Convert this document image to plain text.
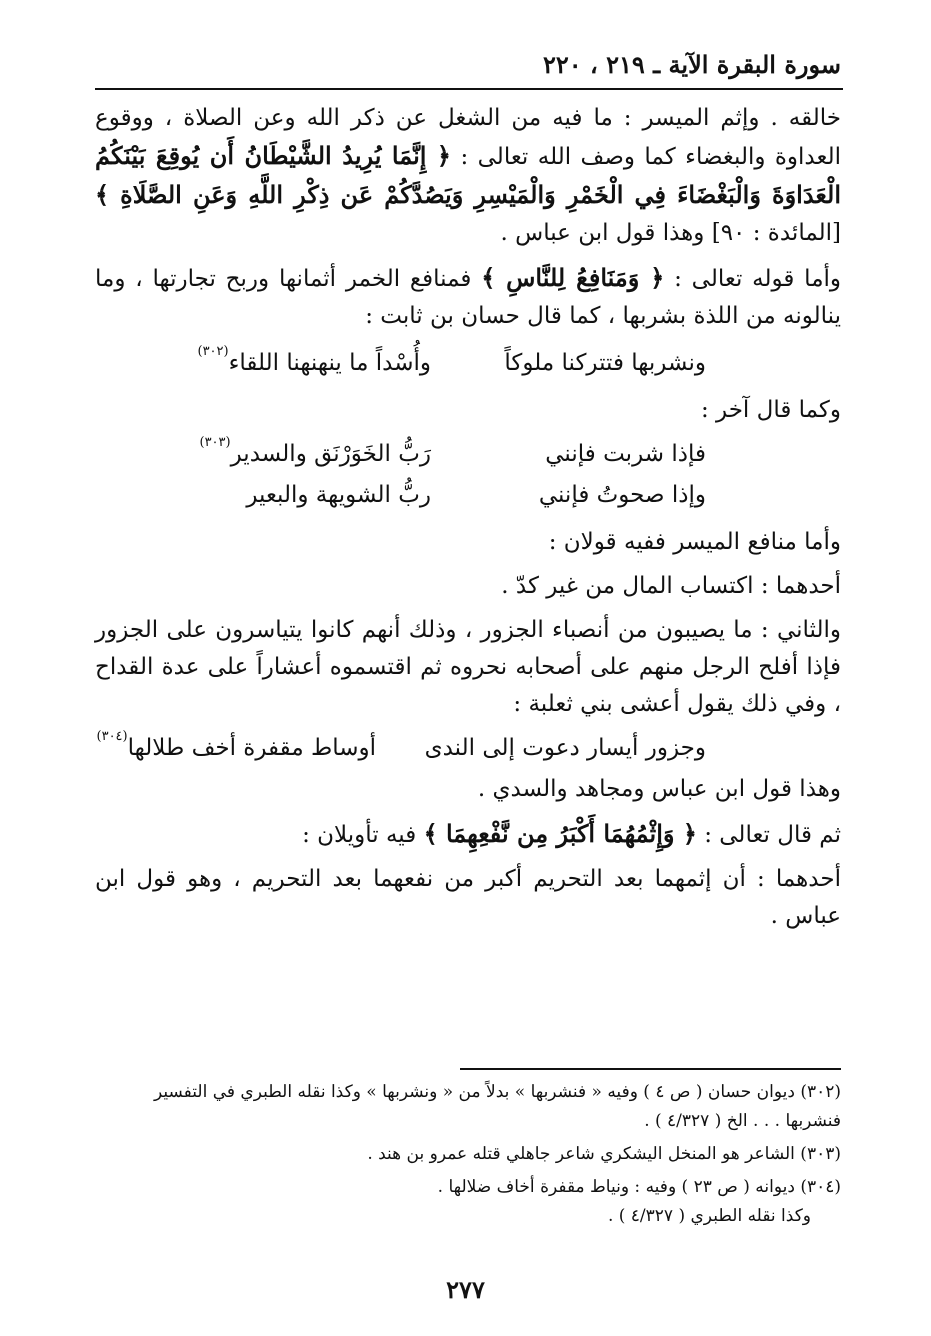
سورة البقرة الآية ـ ٢١٩ ، ٢٢٠

خالقه . وإثم الميسر : ما فيه من الشغل عن ذكر الله وعن الصلاة ، ووقوع العداوة والبغضاء كما وصف الله تعالى : ﴿ إِنَّمَا يُرِيدُ الشَّيْطَانُ أَن يُوقِعَ بَيْنَكُمُ الْعَدَاوَةَ وَالْبَغْضَاءَ فِي الْخَمْرِ وَالْمَيْسِرِ وَيَصُدَّكُمْ عَن ذِكْرِ اللَّهِ وَعَنِ الصَّلَاةِ ﴾[المائدة : ٩٠] وهذا قول ابن عباس .

وأما قوله تعالى : ﴿ وَمَنَافِعُ لِلنَّاسِ ﴾ فمنافع الخمر أثمانها وربح تجارتها ، وما ينالونه من اللذة بشربها ، كما قال حسان بن ثابت :

ونشربها فتتركنا ملوكاً
وأُسْداً ما ينهنهنا اللقاء$^{(٣٠٢)}$

وكما قال آخر :

فإذا شربت فإنني
رَبُّ الخَوَرْنَق والسدير$^{(٣٠٣)}$
وإذا صحوتُ فإنني
ربُّ الشويهة والبعير

وأما منافع الميسر ففيه قولان :

أحدهما : اكتساب المال من غير كدّ .

والثاني : ما يصيبون من أنصباء الجزور ، وذلك أنهم كانوا يتياسرون على الجزور فإذا أفلح الرجل منهم على أصحابه نحروه ثم اقتسموه أعشاراً على عدة القداح ، وفي ذلك يقول أعشى بني ثعلبة :

وجزور أيسار دعوت إلى الندى
أوساط مقفرة أخف طلالها$^{(٣٠٤)}$

وهذا قول ابن عباس ومجاهد والسدي .

ثم قال تعالى : ﴿ وَإِثْمُهُمَا أَكْبَرُ مِن نَّفْعِهِمَا ﴾ فيه تأويلان :

أحدهما : أن إثمهما بعد التحريم أكبر من نفعهما بعد التحريم ، وهو قول ابن عباس .

(٣٠٢) ديوان حسان ( ص ٤ ) وفيه « فنشربها » بدلاً من « ونشربها » وكذا نقله الطبري في التفسير

فنشربها . . . الخ ( ٤/٣٢٧ ) .

(٣٠٣) الشاعر هو المنخل اليشكري شاعر جاهلي قتله عمرو بن هند .

(٣٠٤) ديوانه ( ص ٢٣ ) وفيه : ونياط مقفرة أخاف ضلالها .

وكذا نقله الطبري ( ٤/٣٢٧ ) .

٢٧٧
